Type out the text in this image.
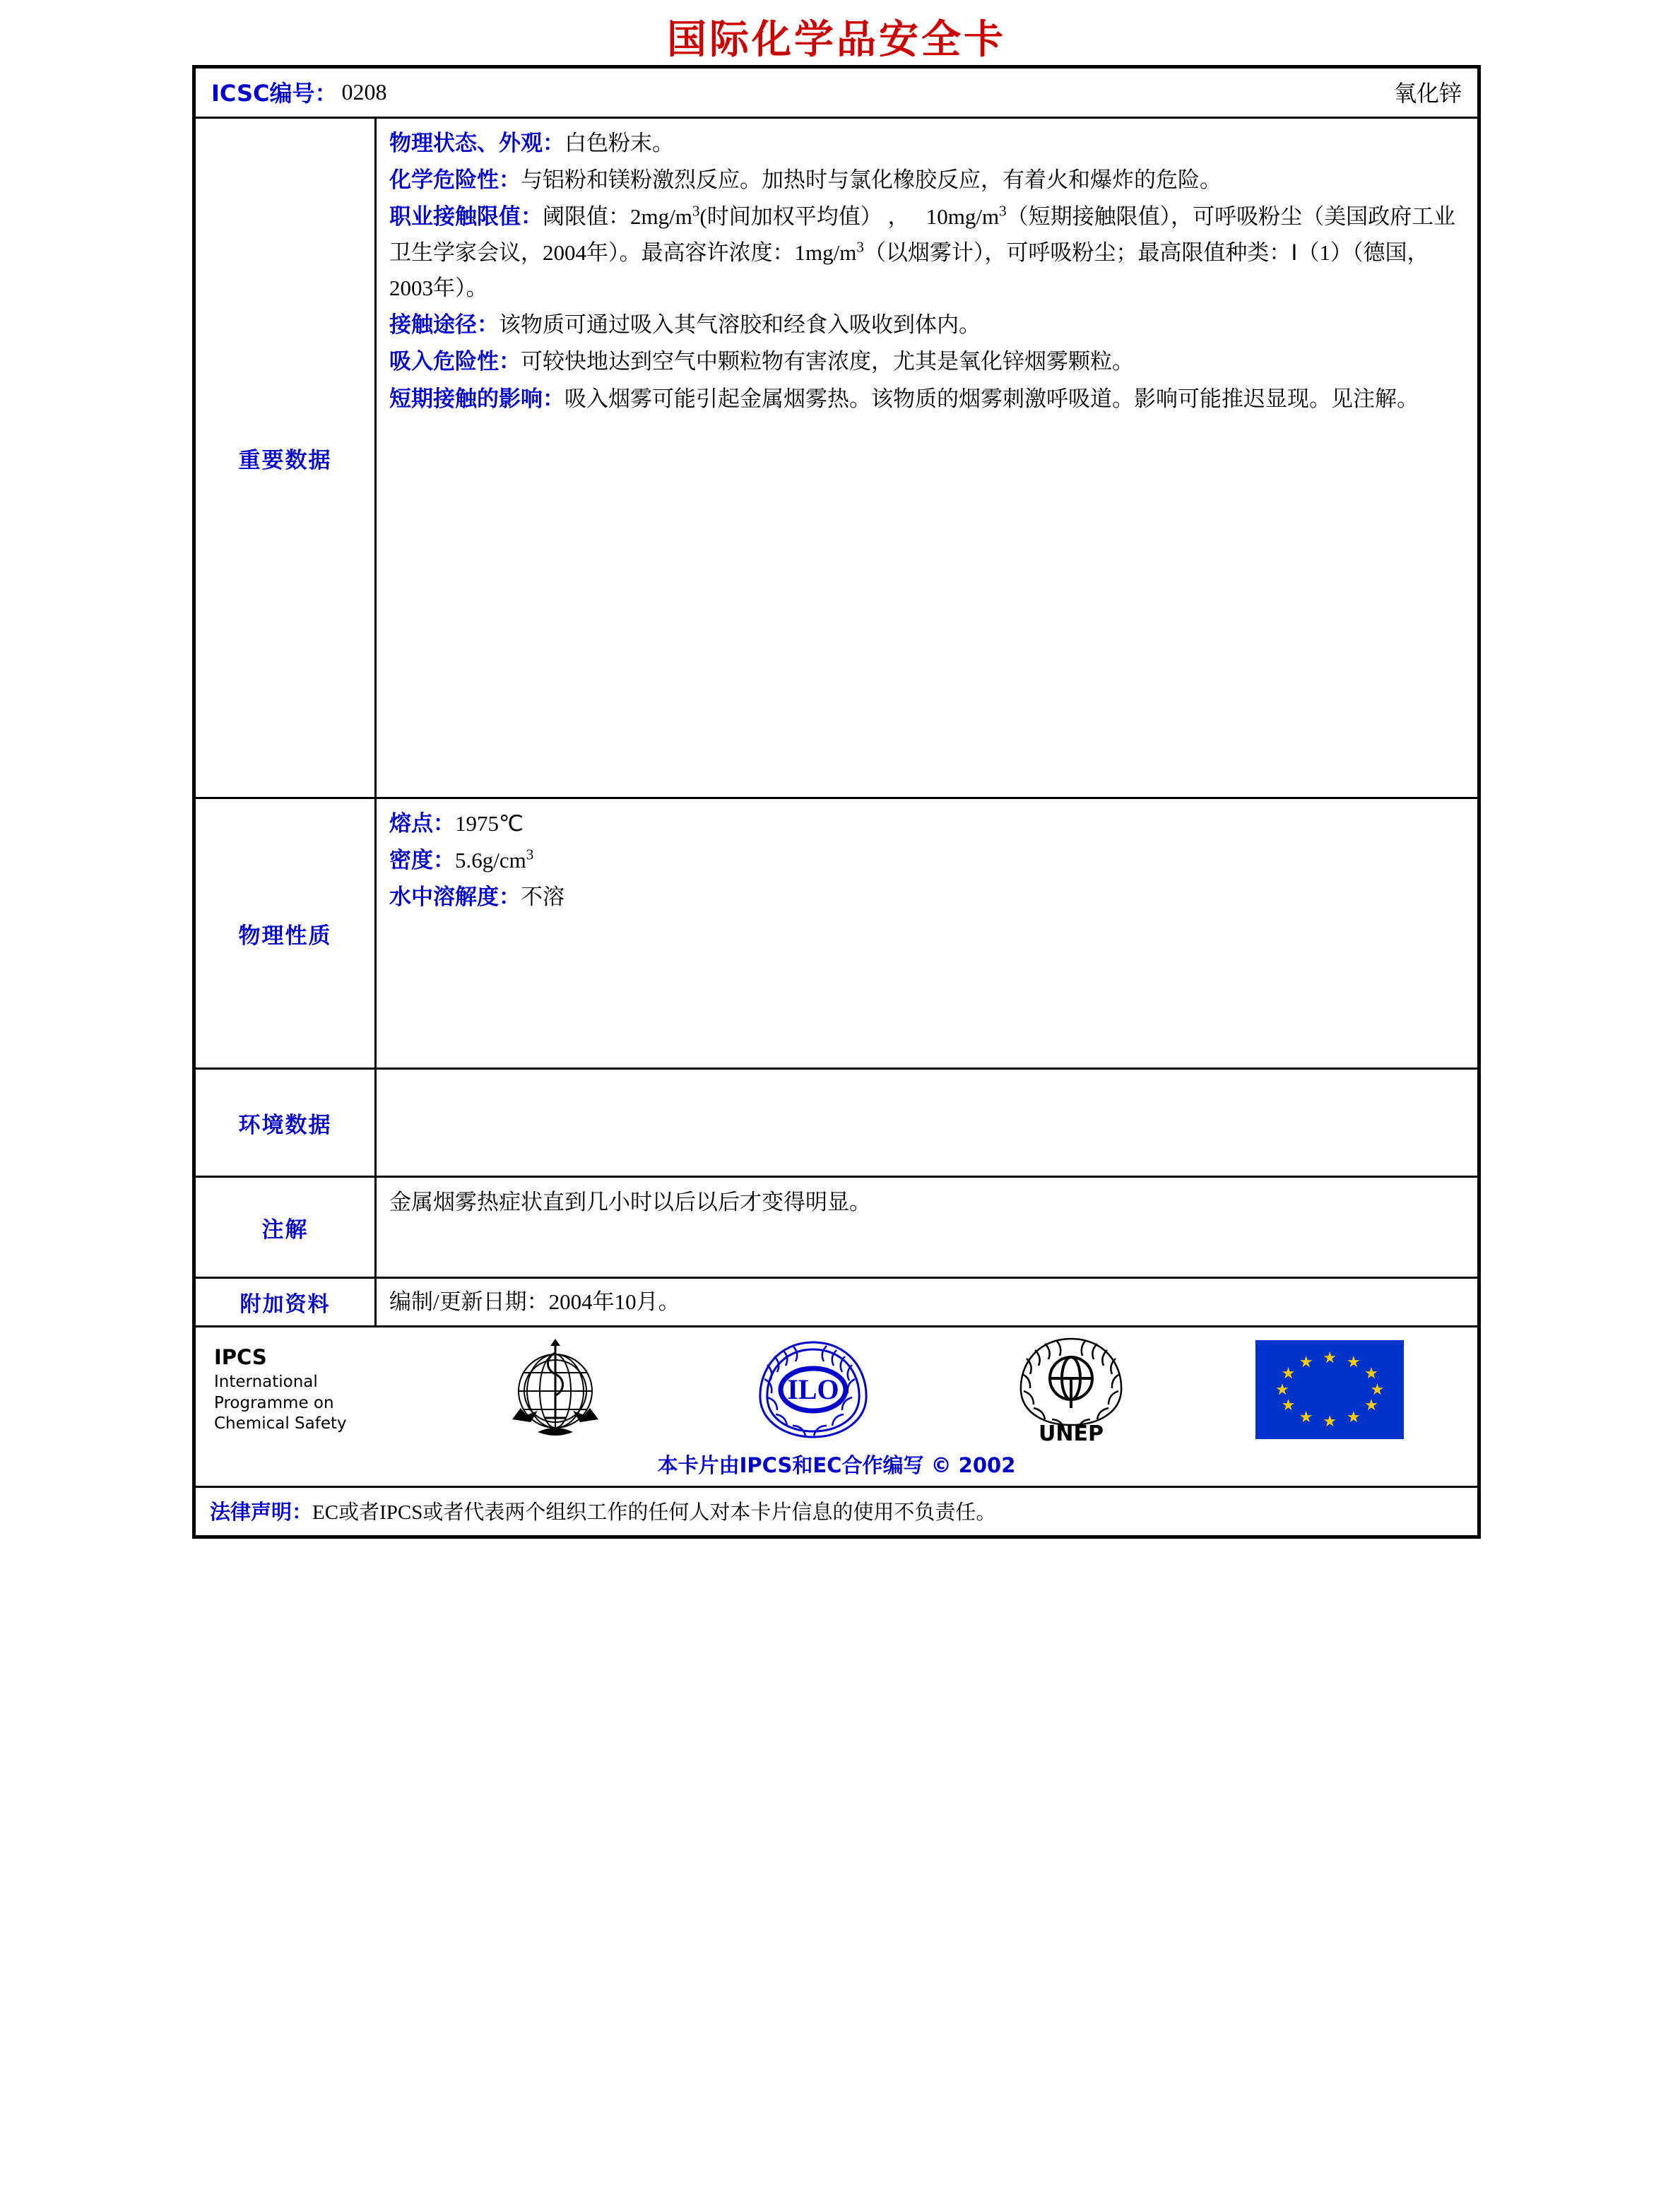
国际化学品安全卡
ICSC编号： 0208	氧化锌
重要数据

物理状态、外观：白色粉末。

化学危险性：与铝粉和镁粉激烈反应。加热时与氯化橡胶反应，有着火和爆炸的危险。

职业接触限值：阈限值：$2mg/m^3$(时间加权平均值） ，   $10mg/m^3$（短期接触限值），可呼吸粉尘（美国政府工业卫生学家会议，2004年）。最高容许浓度：$1mg/m^3$（以烟雾计），可呼吸粉尘；最高限值种类：Ⅰ（1）（德国，2003年）。

接触途径：该物质可通过吸入其气溶胶和经食入吸收到体内。

吸入危险性：可较快地达到空气中颗粒物有害浓度，尤其是氧化锌烟雾颗粒。

短期接触的影响：吸入烟雾可能引起金属烟雾热。该物质的烟雾刺激呼吸道。影响可能推迟显现。见注解。

物理性质

熔点：1975℃

密度：$5.6g/cm^3$

水中溶解度：不溶

环境数据
注解
金属烟雾热症状直到几小时以后以后才变得明显。
附加资料	编制/更新日期：2004年10月。
IPCS
International
Programme on
Chemical Safety
ILO
UNEP
★ ★
★
★
★
★
★
★
★
★
★
★
本卡片由IPCS和EC合作编写 © 2002
法律声明：EC或者IPCS或者代表两个组织工作的任何人对本卡片信息的使用不负责任。
